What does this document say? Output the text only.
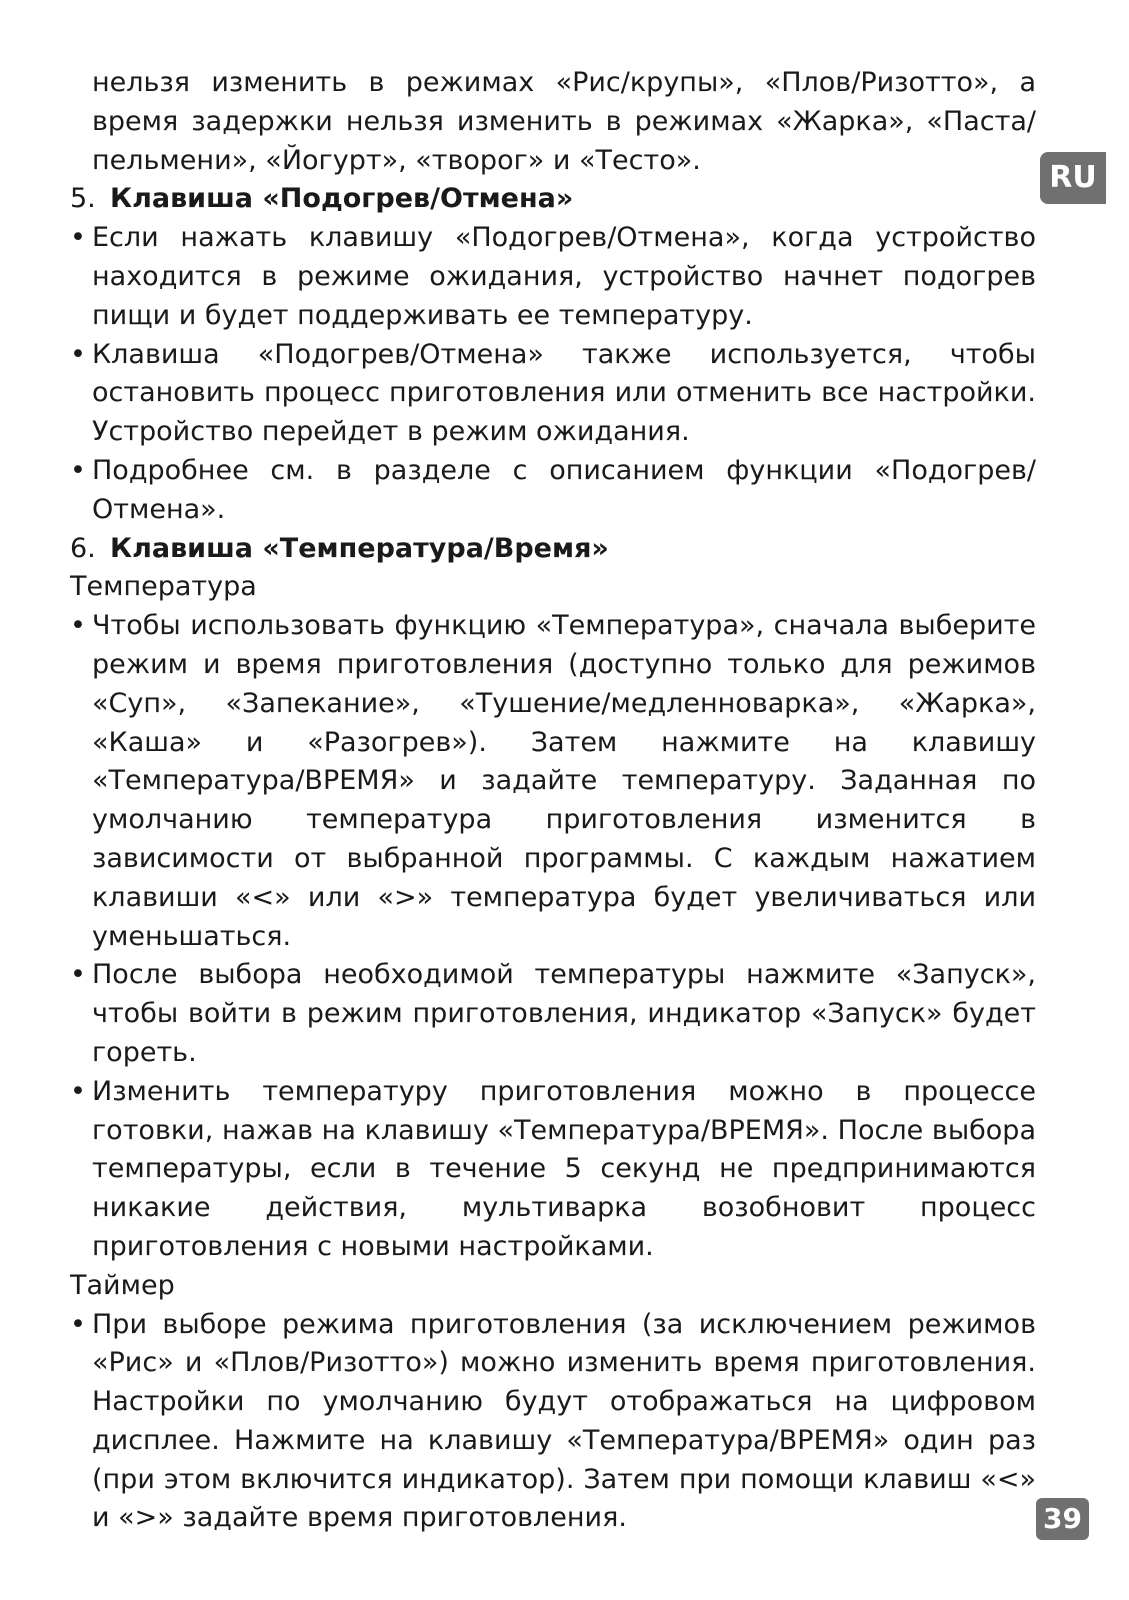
RU

нельзя изменить в режимах «Рис/крупы», «Плов/Ризотто», а время задержки нельзя изменить в режимах «Жарка», «Паста/пельмени», «Йогурт», «творог» и «Тесто».

5. Клавиша «Подогрев/Отмена»
• Если нажать клавишу «Подогрев/Отмена», когда устройство находится в режиме ожидания, устройство начнет подогрев пищи и будет поддерживать ее температуру.
• Клавиша «Подогрев/Отмена» также используется, чтобы остановить процесс приготовления или отменить все настройки. Устройство перейдет в режим ожидания.
• Подробнее см. в разделе с описанием функции «Подогрев/Отмена».
6. Клавиша «Температура/Время»

Температура

• Чтобы использовать функцию «Температура», сначала выберите режим и время приготовления (доступно только для режимов «Суп», «Запекание», «Тушение/медленноварка», «Жарка», «Каша» и «Разогрев»). Затем нажмите на клавишу «Температура/ВРЕМЯ» и задайте температуру. Заданная по умолчанию температура приготовления изменится в зависимости от выбранной программы. С каждым нажатием клавиши «<» или «>» температура будет увеличиваться или уменьшаться.
• После выбора необходимой температуры нажмите «Запуск», чтобы войти в режим приготовления, индикатор «Запуск» будет гореть.
• Изменить температуру приготовления можно в процессе готовки, нажав на клавишу «Температура/ВРЕМЯ». После выбора температуры, если в течение 5 секунд не предпринимаются никакие действия, мультиварка возобновит процесс приготовления с новыми настройками.

Таймер

• При выборе режима приготовления (за исключением режимов «Рис» и «Плов/Ризотто») можно изменить время приготовления. Настройки по умолчанию будут отображаться на цифровом дисплее. Нажмите на клавишу «Температура/ВРЕМЯ» один раз (при этом включится индикатор). Затем при помощи клавиш «<» и «>» задайте время приготовления.	39
